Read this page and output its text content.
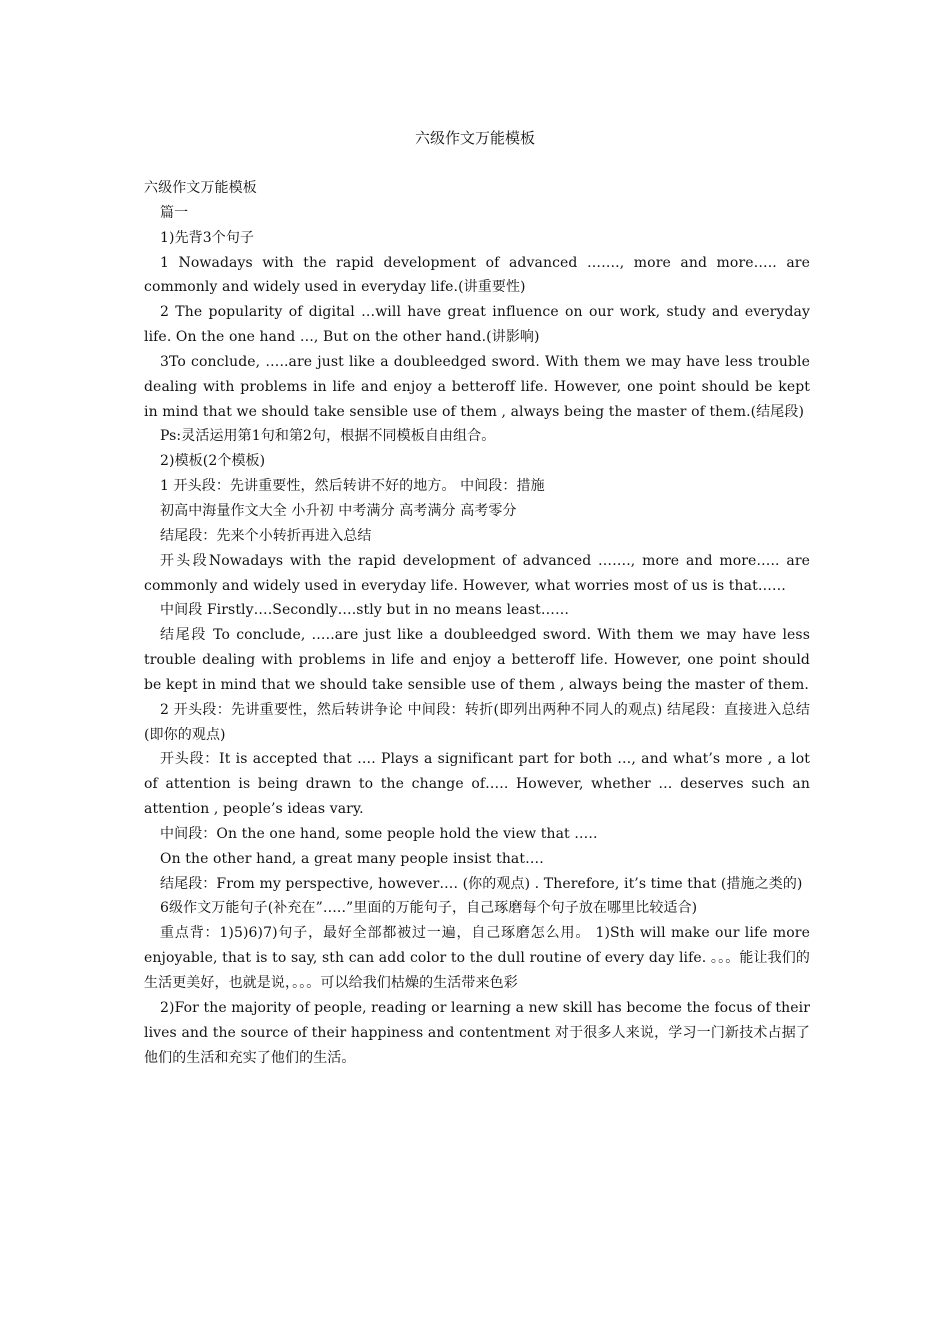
六级作文万能模板

六级作文万能模板

篇一

1)先背3个句子

1 Nowadays with the rapid development of advanced ……., more and more….. are commonly and widely used in everyday life.(讲重要性)

2 The popularity of digital …will have great influence on our work, study and everyday life. On the one hand …, But on the other hand.(讲影响)

3To conclude, …..are just like a doubleedged sword. With them we may have less trouble dealing with problems in life and enjoy a betteroff life. However, one point should be kept in mind that we should take sensible use of them , always being the master of them.(结尾段)

Ps:灵活运用第1句和第2句，根据不同模板自由组合。

2)模板(2个模板)

1 开头段：先讲重要性，然后转讲不好的地方。 中间段：措施

初高中海量作文大全 小升初 中考满分 高考满分 高考零分

结尾段：先来个小转折再进入总结

开头段Nowadays with the rapid development of advanced ……., more and more….. are commonly and widely used in everyday life. However, what worries most of us is that……

中间段 Firstly….Secondly….stly but in no means least……

结尾段 To conclude, …..are just like a doubleedged sword. With them we may have less trouble dealing with problems in life and enjoy a betteroff life. However, one point should be kept in mind that we should take sensible use of them , always being the master of them.

2 开头段：先讲重要性，然后转讲争论 中间段：转折(即列出两种不同人的观点) 结尾段：直接进入总结(即你的观点)

开头段：It is accepted that …. Plays a significant part for both …, and what’s more , a lot of attention is being drawn to the change of….. However, whether … deserves such an attention , people’s ideas vary.

中间段：On the one hand, some people hold the view that …..

On the other hand, a great many people insist that….

结尾段：From my perspective, however…. (你的观点) . Therefore, it’s time that (措施之类的)

6级作文万能句子(补充在”…..”里面的万能句子，自己琢磨每个句子放在哪里比较适合)

重点背：1)5)6)7)句子，最好全部都被过一遍，自己琢磨怎么用。 1)Sth will make our life more enjoyable, that is to say, sth can add color to the dull routine of every day life. 。。。能让我们的生活更美好，也就是说，。。。可以给我们枯燥的生活带来色彩

2)For the majority of people, reading or learning a new skill has become the focus of their lives and the source of their happiness and contentment 对于很多人来说，学习一门新技术占据了他们的生活和充实了他们的生活。
